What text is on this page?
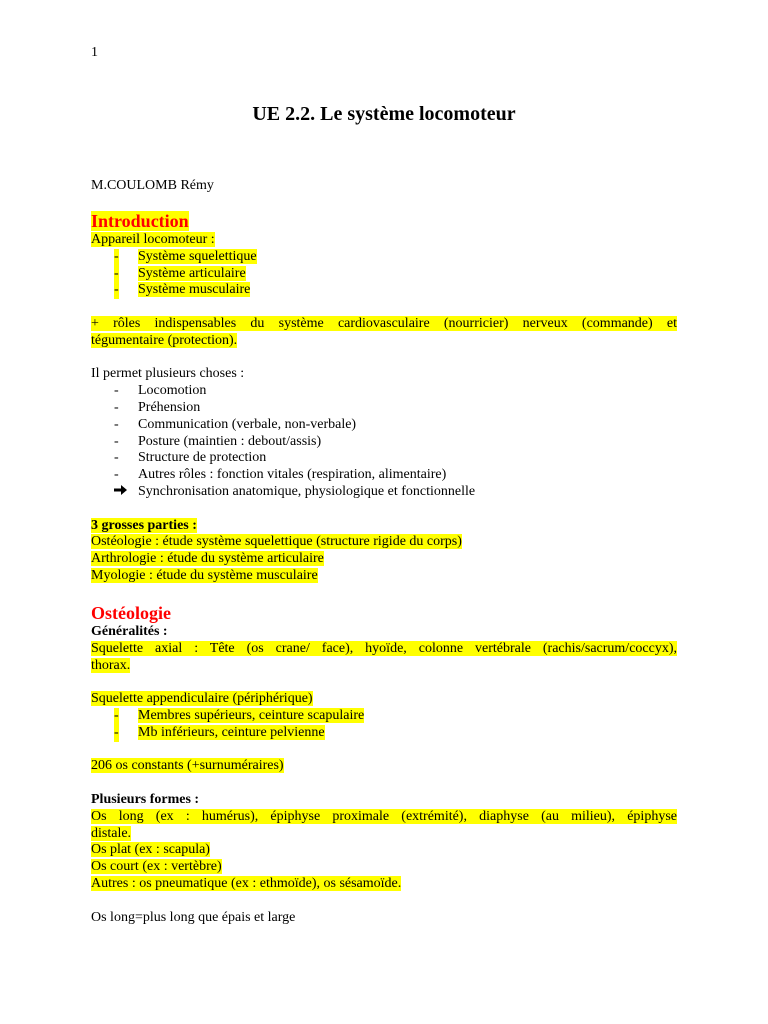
1
UE 2.2. Le système locomoteur
M.COULOMB Rémy

Introduction

Appareil locomoteur :

- Système squelettique

- Système articulaire

- Système musculaire

+ rôles indispensables du système cardiovasculaire (nourricier) nerveux (commande) et

tégumentaire (protection).

Il permet plusieurs choses :

- Locomotion

- Préhension

- Communication (verbale, non-verbale)

- Posture (maintien : debout/assis)

- Structure de protection

- Autres rôles : fonction vitales (respiration, alimentaire)

Synchronisation anatomique, physiologique et fonctionnelle

3 grosses parties :

Ostéologie : étude système squelettique (structure rigide du corps)

Arthrologie : étude du système articulaire

Myologie : étude du système musculaire

Ostéologie

Généralités :

Squelette axial : Tête (os crane/ face), hyoïde, colonne vertébrale (rachis/sacrum/coccyx),

thorax.

Squelette appendiculaire (périphérique)

- Membres supérieurs, ceinture scapulaire

- Mb inférieurs, ceinture pelvienne

206 os constants (+surnuméraires)

Plusieurs formes :

Os long (ex : humérus), épiphyse proximale (extrémité), diaphyse (au milieu), épiphyse

distale.

Os plat (ex : scapula)

Os court (ex : vertèbre)

Autres : os pneumatique (ex : ethmoïde), os sésamoïde.

Os long=plus long que épais et large
